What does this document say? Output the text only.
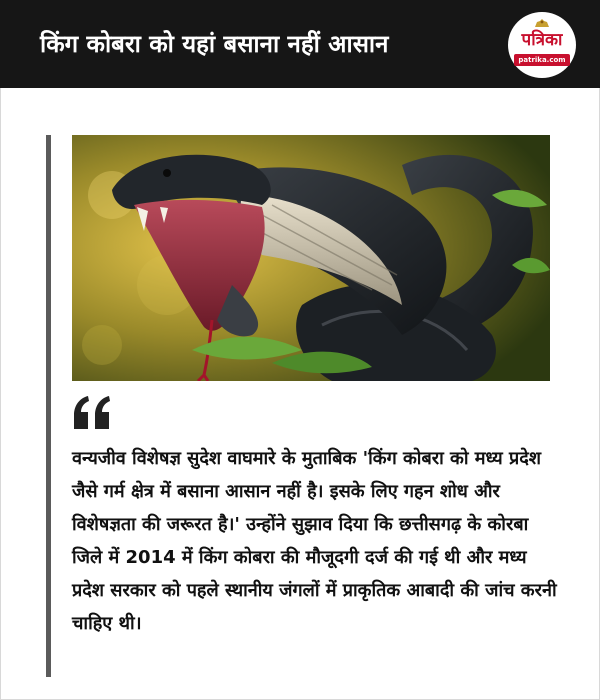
किंग कोबरा को यहां बसाना नहीं आसान	पत्रिका
patrika.com
वन्यजीव विशेषज्ञ सुदेश वाघमारे के मुताबिक 'किंग कोबरा को मध्य प्रदेश जैसे गर्म क्षेत्र में बसाना आसान नहीं है। इसके लिए गहन शोध और विशेषज्ञता की जरूरत है।' उन्होंने सुझाव दिया कि छत्तीसगढ़ के कोरबा जिले में 2014 में किंग कोबरा की मौजूदगी दर्ज की गई थी और मध्य प्रदेश सरकार को पहले स्थानीय जंगलों में प्राकृतिक आबादी की जांच करनी चाहिए थी।
